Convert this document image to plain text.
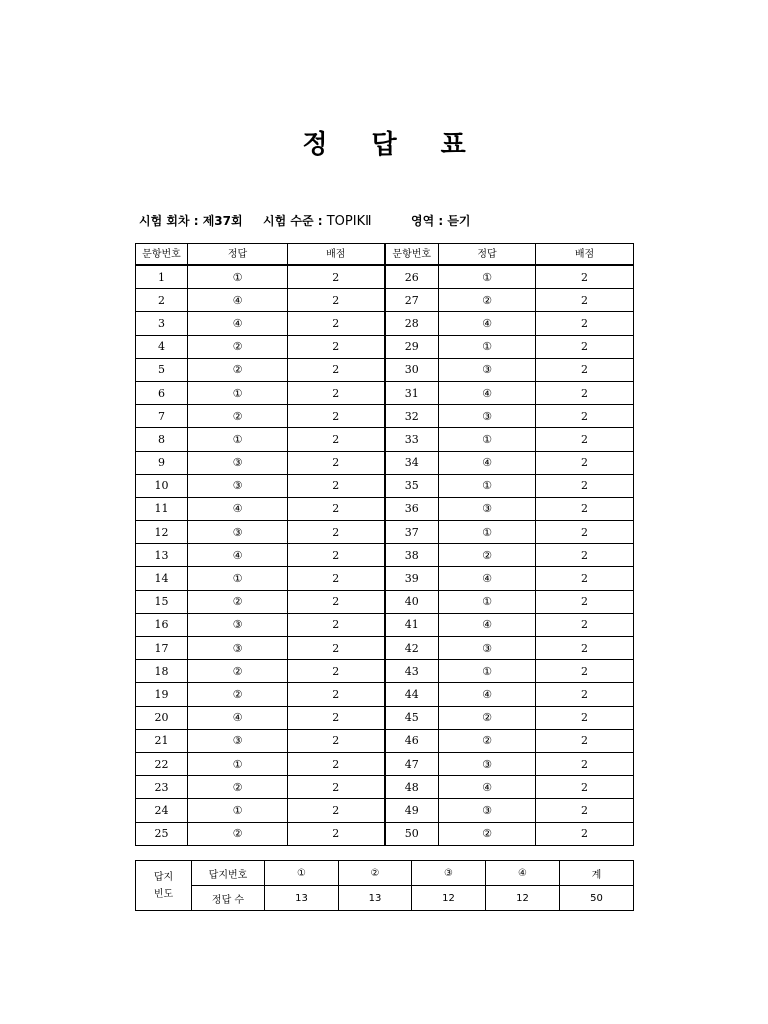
정 답 표
시험 회차 : 제37회 시험 수준 : TOPIKⅡ	영역 : 듣기
문항번호	정답	배점	문항번호	정답	배점
1	①	2	26	①	2
2	④	2	27	②	2
3	④	2	28	④	2
4	②	2	29	①	2
5	②	2	30	③	2
6	①	2	31	④	2
7	②	2	32	③	2
8	①	2	33	①	2
9	③	2	34	④	2
10	③	2	35	①	2
11	④	2	36	③	2
12	③	2	37	①	2
13	④	2	38	②	2
14	①	2	39	④	2
15	②	2	40	①	2
16	③	2	41	④	2
17	③	2	42	③	2
18	②	2	43	①	2
19	②	2	44	④	2
20	④	2	45	②	2
21	③	2	46	②	2
22	①	2	47	③	2
23	②	2	48	④	2
24	①	2	49	③	2
25	②	2	50	②	2
답지
빈도	답지번호	①	②	③	④	계
	정답 수	13	13	12	12	50
